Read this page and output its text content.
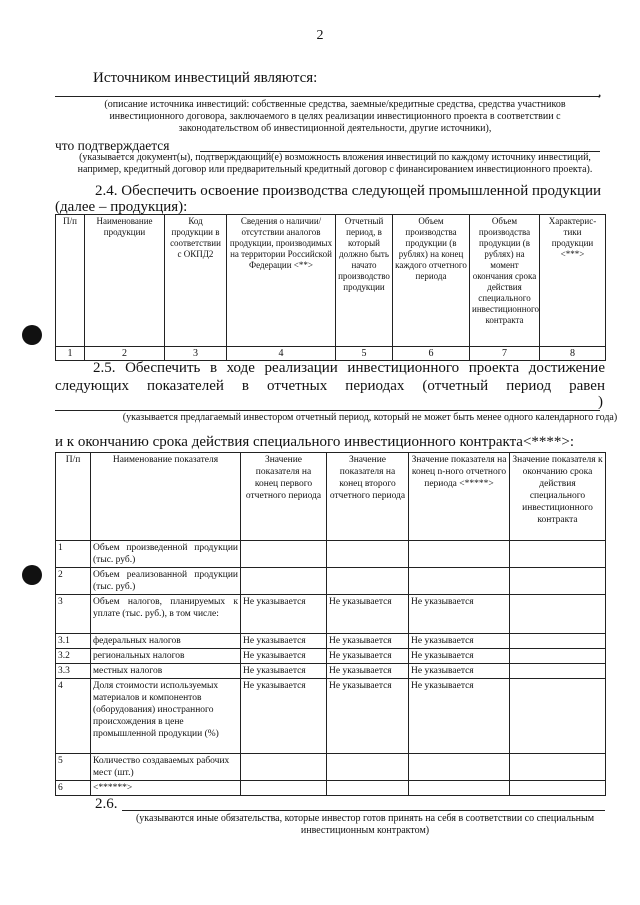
2
Источником инвестиций являются:
,
(описание источника инвестиций: собственные средства, заемные/кредитные средства, средства участников инвестиционного договора, заключаемого в целях реализации инвестиционного проекта в соответствии с законодательством об инвестиционной деятельности, другие источники),
что подтверждается
(указывается документ(ы), подтверждающий(е) возможность вложения инвестиций по каждому источнику инвестиций, например, кредитный договор или предварительный кредитный договор с финансированием инвестиционного проекта).
2.4. Обеспечить освоение производства следующей промышленной продукции
(далее – продукция):
П/п	Наименование продукции	Код продукции в соответствии с ОКПД2	Сведения о наличии/отсутствии аналогов продукции, производимых на территории Российской Федерации <**>	Отчетный период, в который должно быть начато производство продукции	Объем производства продукции (в рублях) на конец каждого отчетного периода	Объем производства продукции (в рублях) на момент окончания срока действия специального инвестиционного контракта	Характерис-тики продукции <***>
1	2	3	4	5	6	7	8
2.5. Обеспечить в ходе реализации инвестиционного проекта достижение
следующих показателей в отчетных периодах (отчетный период равен
)
(указывается предлагаемый инвестором отчетный период, который не может быть менее одного календарного года)
и к окончанию срока действия специального инвестиционного контракта<****>:
П/п	Наименование показателя	Значение показателя на конец первого отчетного периода	Значение показателя на конец второго отчетного периода	Значение показателя на конец n-ного отчетного периода <*****>	Значение показателя к окончанию срока действия специального инвестиционного контракта
1	Объем произведенной продукции (тыс. руб.)				
2	Объем реализованной продукции (тыс. руб.)				
3	Объем налогов, планируемых к уплате (тыс. руб.), в том числе:	Не указывается	Не указывается	Не указывается	
3.1	федеральных налогов	Не указывается	Не указывается	Не указывается	
3.2	региональных налогов	Не указывается	Не указывается	Не указывается	
3.3	местных налогов	Не указывается	Не указывается	Не указывается	
4	Доля стоимости используемых материалов и компонентов (оборудования) иностранного происхождения в цене промышленной продукции (%)	Не указывается	Не указывается	Не указывается	
5	Количество создаваемых рабочих мест (шт.)				
6	<******>				
2.6.
(указываются иные обязательства, которые инвестор готов принять на себя в соответствии со специальным инвестиционным контрактом)
